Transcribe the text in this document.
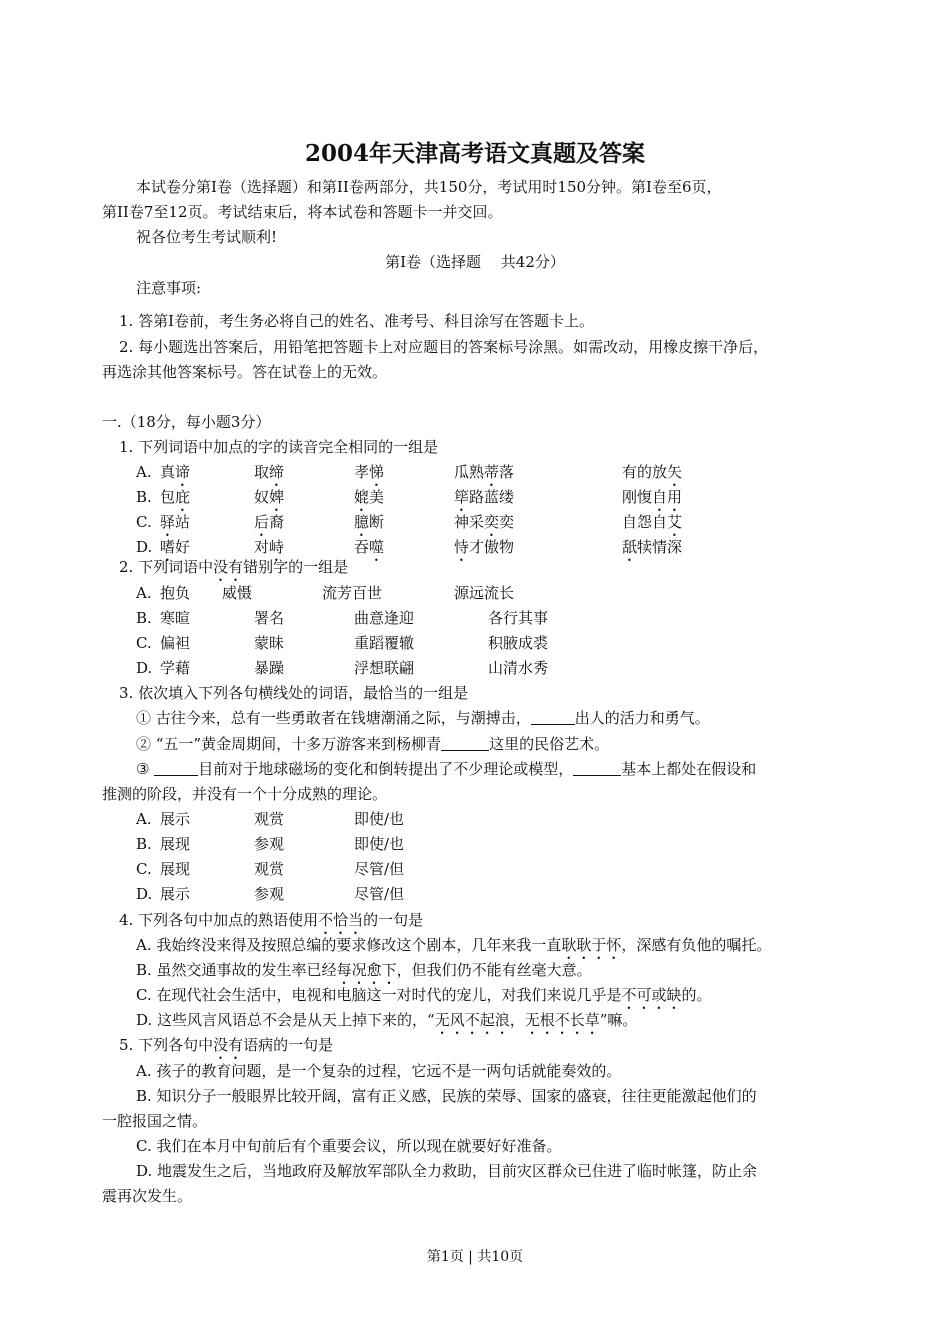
2004年天津高考语文真题及答案
本试卷分第Ⅰ卷（选择题）和第II卷两部分，共150分，考试用时150分钟。第Ⅰ卷至6页，
第II卷7至12页。考试结束后，将本试卷和答题卡一并交回。
祝各位考生考试顺利!
第Ⅰ卷（选择题　 共42分）
注意事项:
1. 答第Ⅰ卷前，考生务必将自己的姓名、准考号、科目涂写在答题卡上。
2. 每小题选出答案后，用铅笔把答题卡上对应题目的答案标号涂黑。如需改动，用橡皮擦干净后，
再选涂其他答案标号。答在试卷上的无效。
一.（18分，每小题3分）
1. 下列词语中加点的字的读音完全相同的一组是
A. 真谛	取缔	孝悌	瓜熟蒂落	有的放矢
B. 包庇	奴婢	媲美	筚路蓝缕	刚愎自用
C. 驿站	后裔	臆断	神采奕奕	自怨自艾
D. 嗜好	对峙	吞噬	恃才傲物	舐犊情深
2. 下列词语中没有错别字的一组是
A. 抱负 威慑	流芳百世	源远流长
B. 寒暄	署名	曲意逢迎	各行其事
C. 偏袒	蒙昧	重蹈覆辙	积腋成裘
D. 学藉	暴躁	浮想联翩	山清水秀
3. 依次填入下列各句横线处的词语，最恰当的一组是
① 古往今来，总有一些勇敢者在钱塘潮涌之际，与潮搏击，	出人的活力和勇气。
② “五一”黄金周期间，十多万游客来到杨柳青	这里的民俗艺术。
③	目前对于地球磁场的变化和倒转提出了不少理论或模型，	基本上都处在假设和
推测的阶段，并没有一个十分成熟的理论。
A. 展示	观赏	即使/也
B. 展现	参观	即使/也
C. 展现	观赏	尽管/但
D. 展示	参观	尽管/但
4. 下列各句中加点的熟语使用不恰当的一句是
A. 我始终没来得及按照总编的要求修改这个剧本，几年来我一直耿耿于怀，深感有负他的嘱托。
B. 虽然交通事故的发生率已经每况愈下，但我们仍不能有丝毫大意。
C. 在现代社会生活中，电视和电脑这一对时代的宠儿，对我们来说几乎是不可或缺的。
D. 这些风言风语总不会是从天上掉下来的，“无风不起浪，无根不长草”嘛。
5. 下列各句中没有语病的一句是
A. 孩子的教育问题，是一个复杂的过程，它远不是一两句话就能奏效的。
B. 知识分子一般眼界比较开阔，富有正义感，民族的荣辱、国家的盛衰，往往更能激起他们的
一腔报国之情。
C. 我们在本月中旬前后有个重要会议，所以现在就要好好准备。
D. 地震发生之后，当地政府及解放军部队全力救助，目前灾区群众已住进了临时帐篷，防止余
震再次发生。
第1页 | 共10页
